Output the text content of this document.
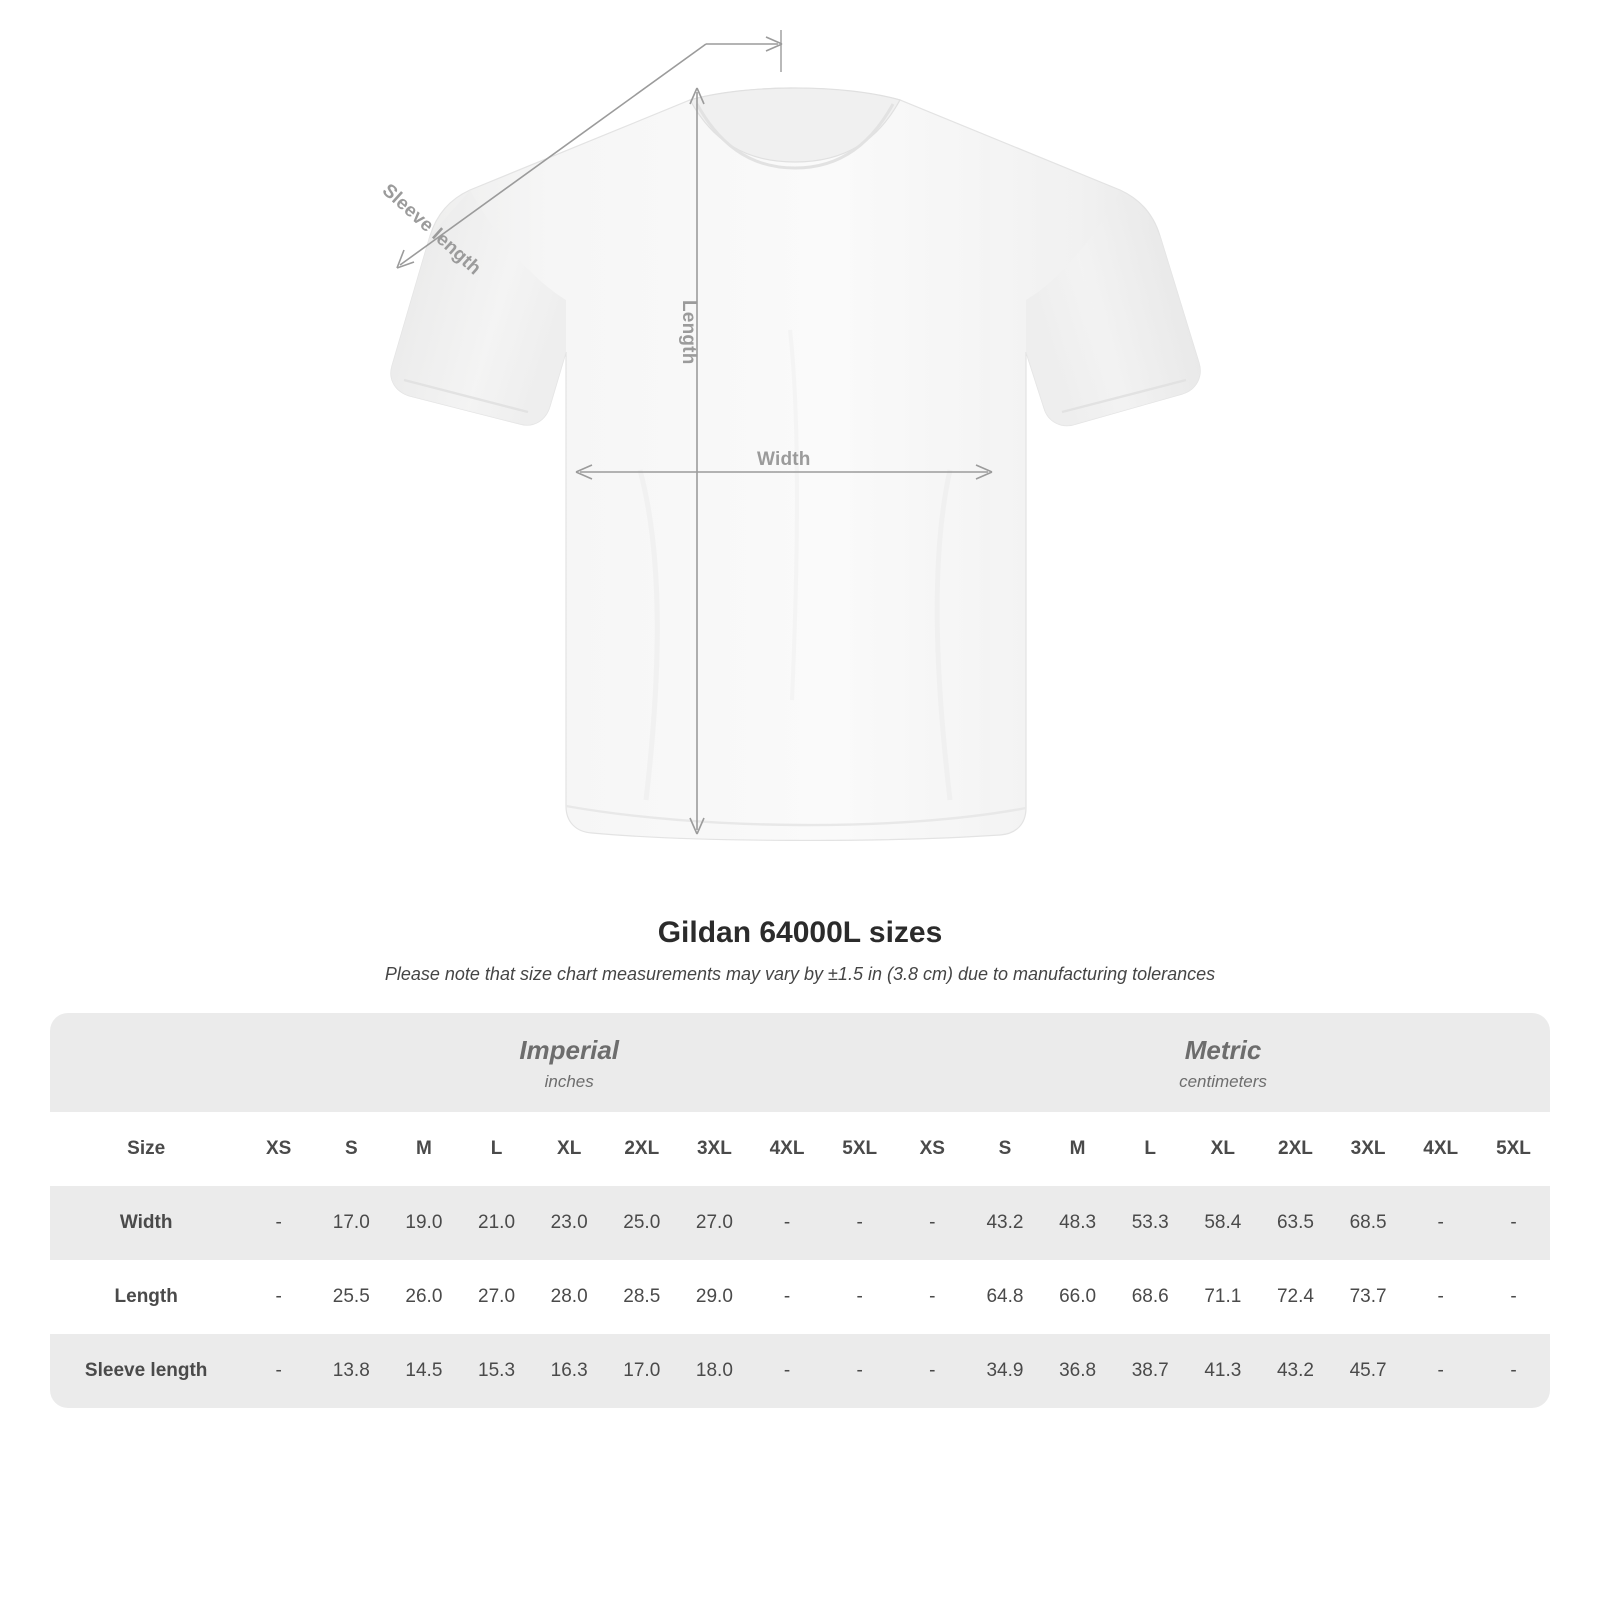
Sleeve length
Length
Width
Gildan 64000L sizes

Please note that size chart measurements may vary by ±1.5 in (3.8 cm) due to manufacturing tolerances

	Imperial
inches									Metric
centimeters								

Size	XS	S	M	L	XL	2XL	3XL	4XL	5XL	XS	S	M	L	XL	2XL	3XL	4XL	5XL
Width	-	17.0	19.0	21.0	23.0	25.0	27.0	-	-	-	43.2	48.3	53.3	58.4	63.5	68.5	-	-
Length	-	25.5	26.0	27.0	28.0	28.5	29.0	-	-	-	64.8	66.0	68.6	71.1	72.4	73.7	-	-
Sleeve length	-	13.8	14.5	15.3	16.3	17.0	18.0	-	-	-	34.9	36.8	38.7	41.3	43.2	45.7	-	-
